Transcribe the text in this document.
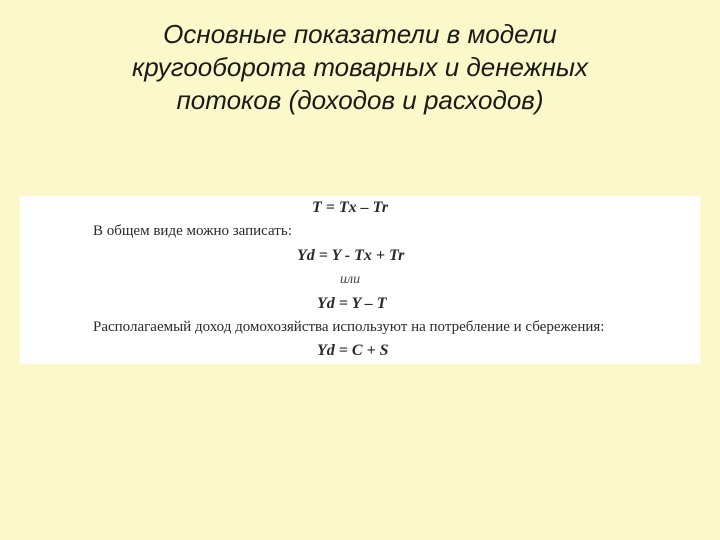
Основные показатели в модели
кругооборота товарных и денежных
потоков (доходов и расходов)
T = Tx – Tr
В общем виде можно записать:
Yd = Y - Tx + Tr
или
Yd = Y – T
Располагаемый доход домохозяйства используют на потребление и сбережения:
Yd = C + S
